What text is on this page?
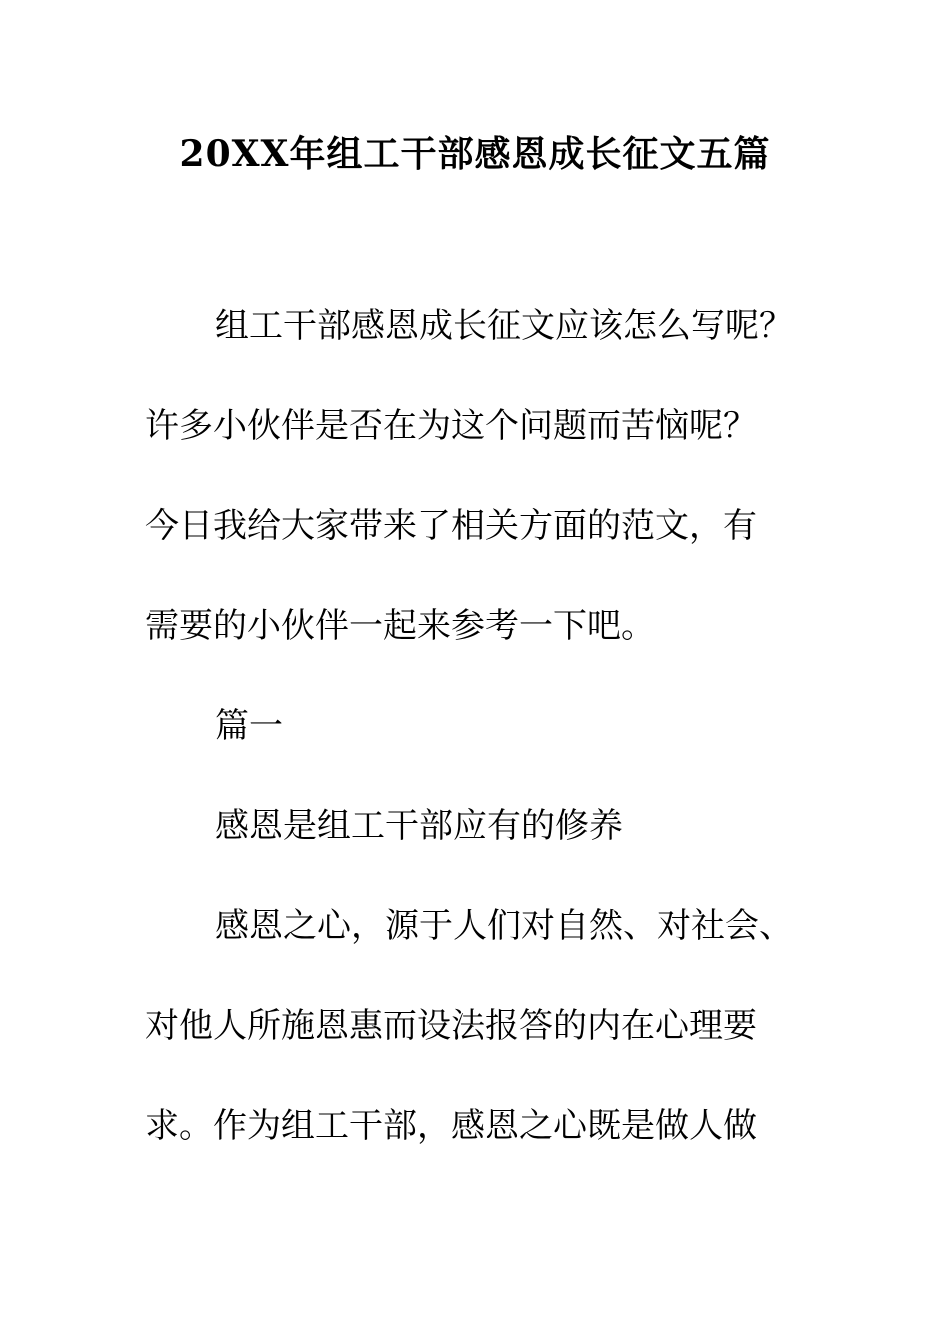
20XX年组工干部感恩成长征文五篇
组工干部感恩成长征文应该怎么写呢？
许多小伙伴是否在为这个问题而苦恼呢？
今日我给大家带来了相关方面的范文，有
需要的小伙伴一起来参考一下吧。
篇一
感恩是组工干部应有的修养
感恩之心，源于人们对自然、对社会、
对他人所施恩惠而设法报答的内在心理要
求。作为组工干部，感恩之心既是做人做
